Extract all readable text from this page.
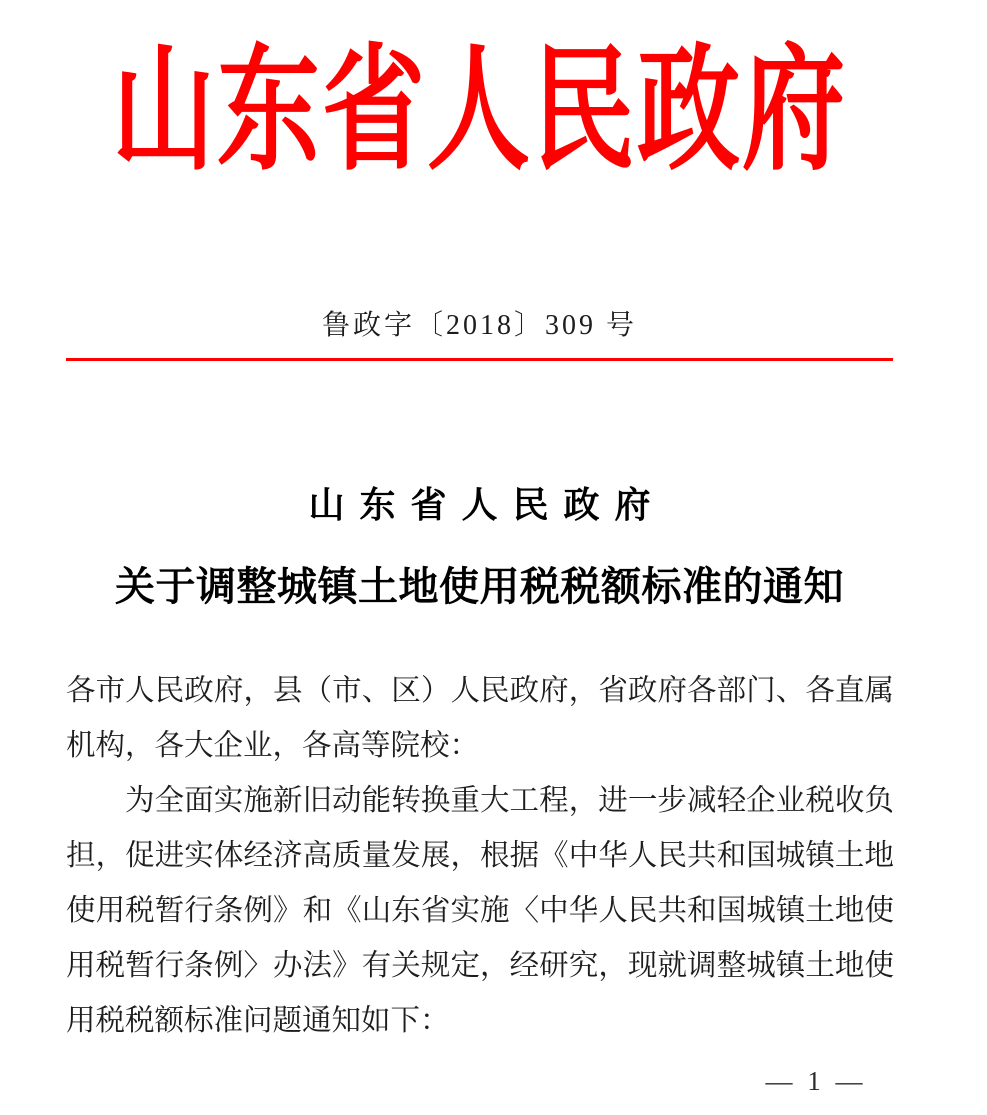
山东省人民政府
鲁政字〔2018〕309 号
山东省人民政府
关于调整城镇土地使用税税额标准的通知

各市人民政府，县（市、区）人民政府，省政府各部门、各直属机构，各大企业，各高等院校：

为全面实施新旧动能转换重大工程，进一步减轻企业税收负担，促进实体经济高质量发展，根据《中华人民共和国城镇土地使用税暂行条例》和《山东省实施〈中华人民共和国城镇土地使用税暂行条例〉办法》有关规定，经研究，现就调整城镇土地使用税税额标准问题通知如下：

— 1 —
